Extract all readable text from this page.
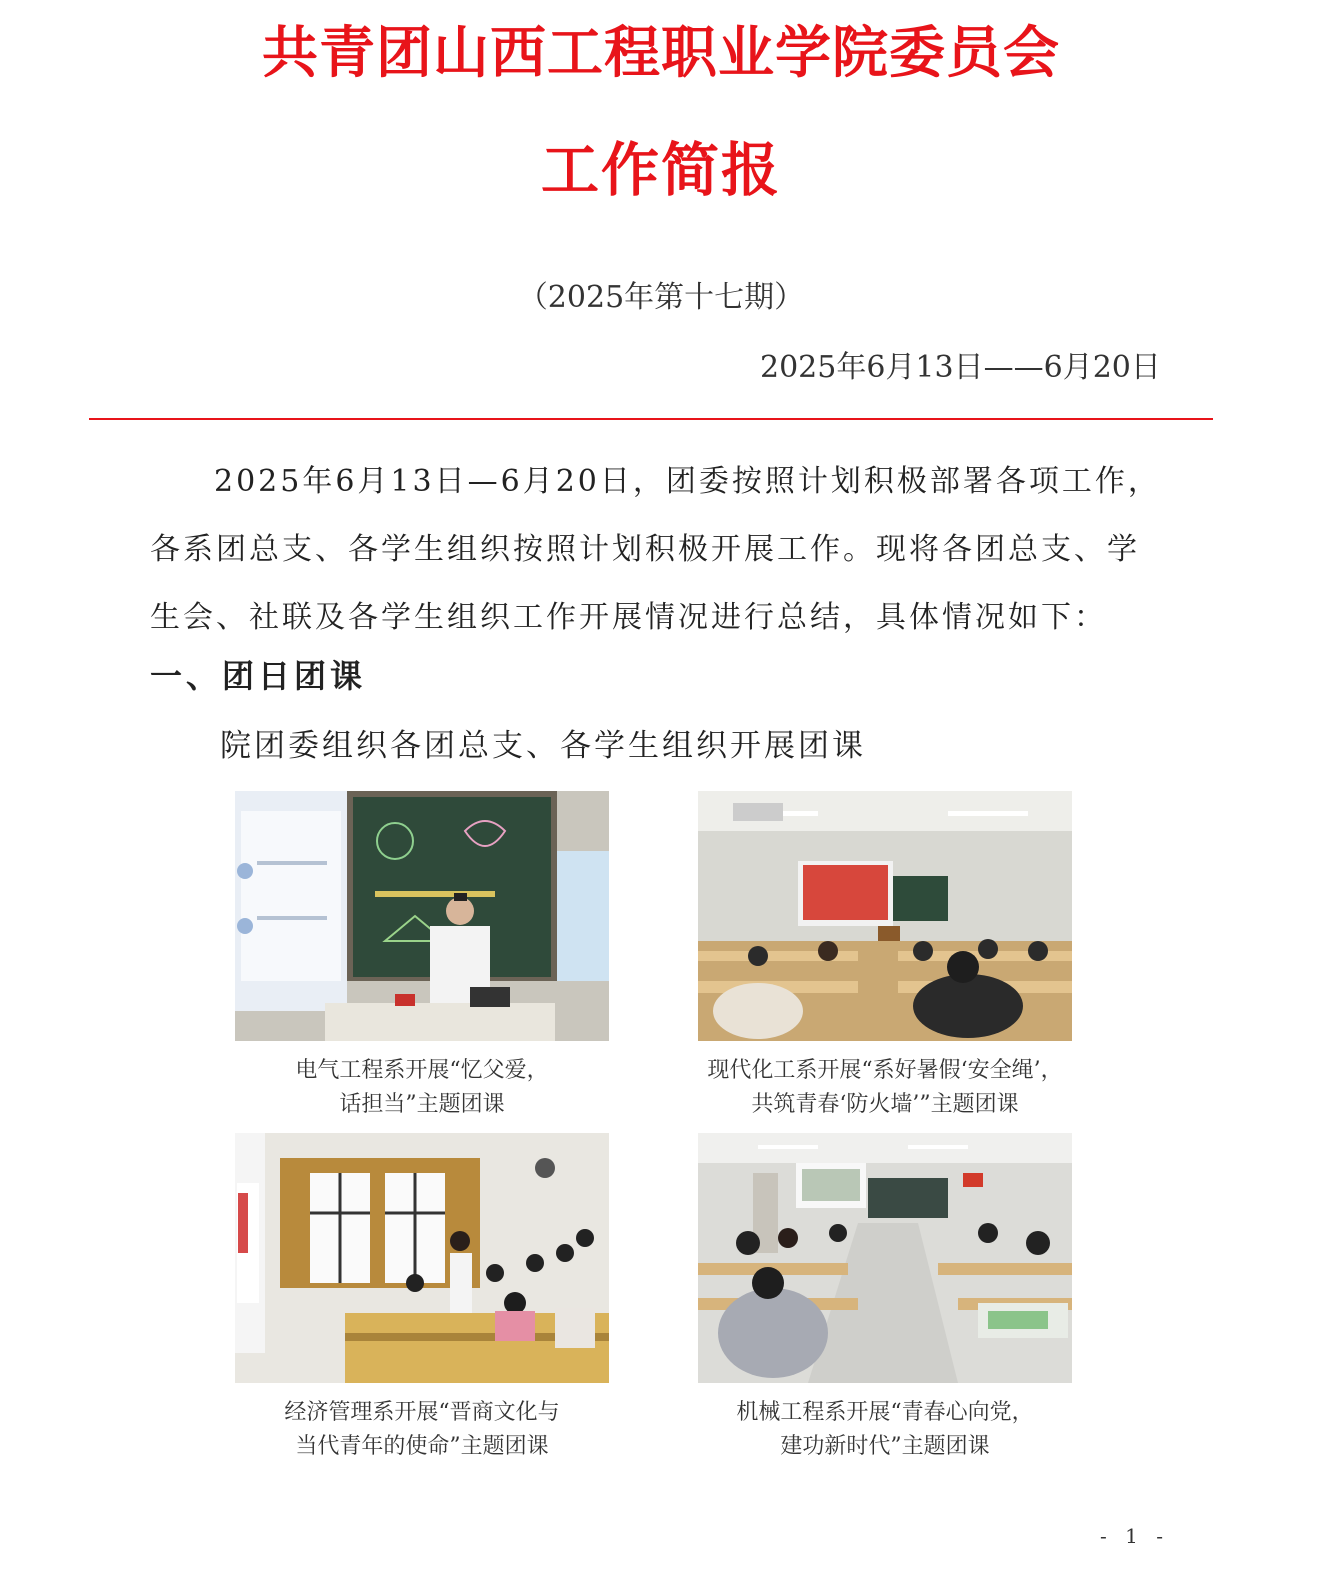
共青团山西工程职业学院委员会
工作简报
（2025年第十七期）
2025年6月13日——6月20日

2025年6月13日—6月20日，团委按照计划积极部署各项工作，各系团总支、各学生组织按照计划积极开展工作。现将各团总支、学生会、社联及各学生组织工作开展情况进行总结，具体情况如下：

一、团日团课
院团委组织各团总支、各学生组织开展团课
电气工程系开展“忆父爱，
话担当”主题团课
现代化工系开展“系好暑假‘安全绳’，
共筑青春‘防火墙’”主题团课
经济管理系开展“晋商文化与
当代青年的使命”主题团课
机械工程系开展“青春心向党，
建功新时代”主题团课
- 1 -
